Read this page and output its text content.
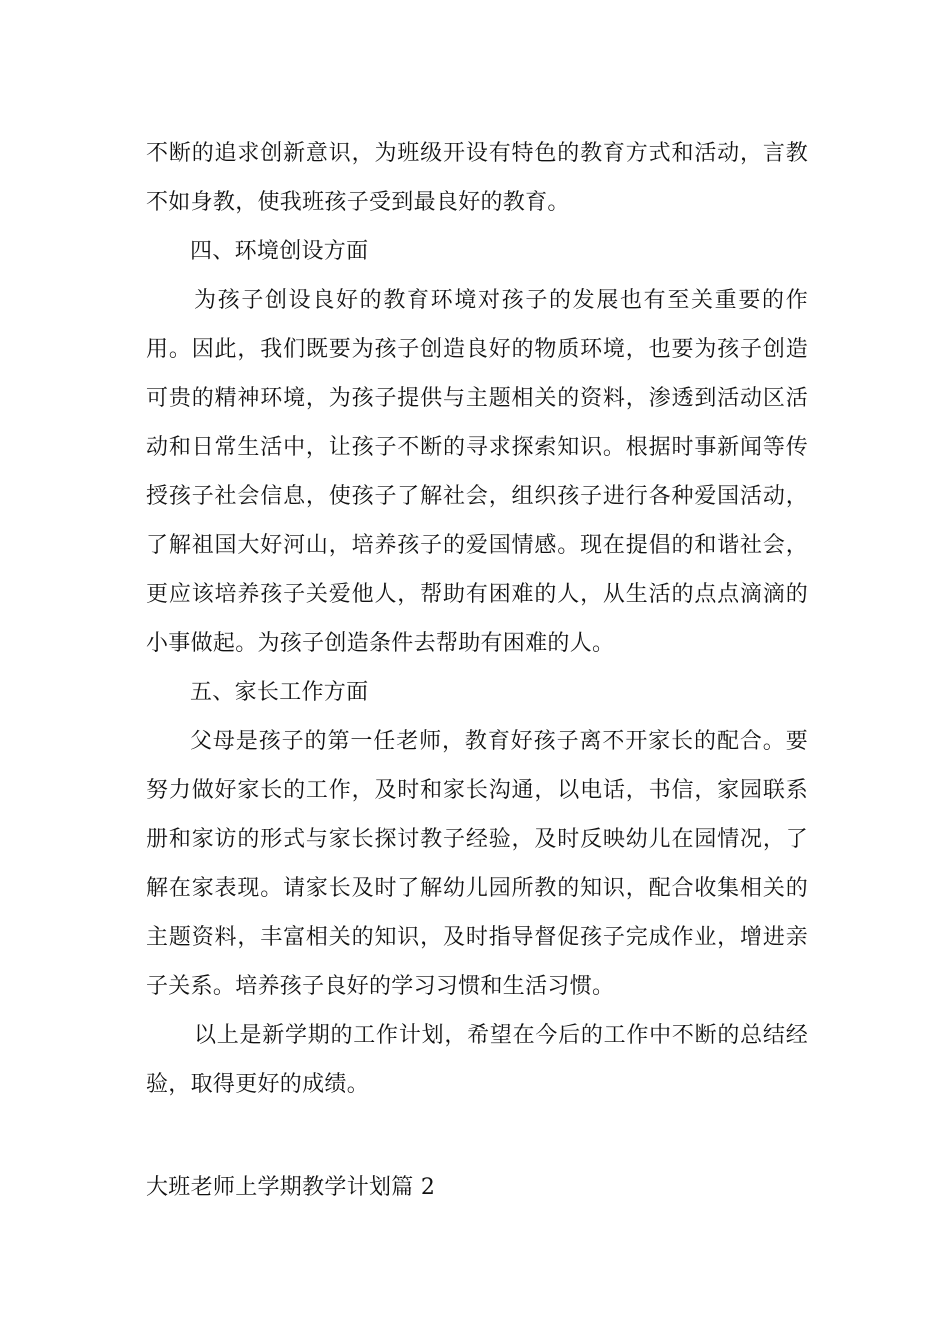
不断的追求创新意识，为班级开设有特色的教育方式和活动，言教
不如身教，使我班孩子受到最良好的教育。
四、环境创设方面
为孩子创设良好的教育环境对孩子的发展也有至关重要的作
用。因此，我们既要为孩子创造良好的物质环境，也要为孩子创造
可贵的精神环境，为孩子提供与主题相关的资料，渗透到活动区活
动和日常生活中，让孩子不断的寻求探索知识。根据时事新闻等传
授孩子社会信息，使孩子了解社会，组织孩子进行各种爱国活动，
了解祖国大好河山，培养孩子的爱国情感。现在提倡的和谐社会，
更应该培养孩子关爱他人，帮助有困难的人，从生活的点点滴滴的
小事做起。为孩子创造条件去帮助有困难的人。
五、家长工作方面
父母是孩子的第一任老师，教育好孩子离不开家长的配合。要
努力做好家长的工作，及时和家长沟通，以电话，书信，家园联系
册和家访的形式与家长探讨教子经验，及时反映幼儿在园情况，了
解在家表现。请家长及时了解幼儿园所教的知识，配合收集相关的
主题资料，丰富相关的知识，及时指导督促孩子完成作业，增进亲
子关系。培养孩子良好的学习习惯和生活习惯。
以上是新学期的工作计划，希望在今后的工作中不断的总结经
验，取得更好的成绩。
大班老师上学期教学计划篇 2
